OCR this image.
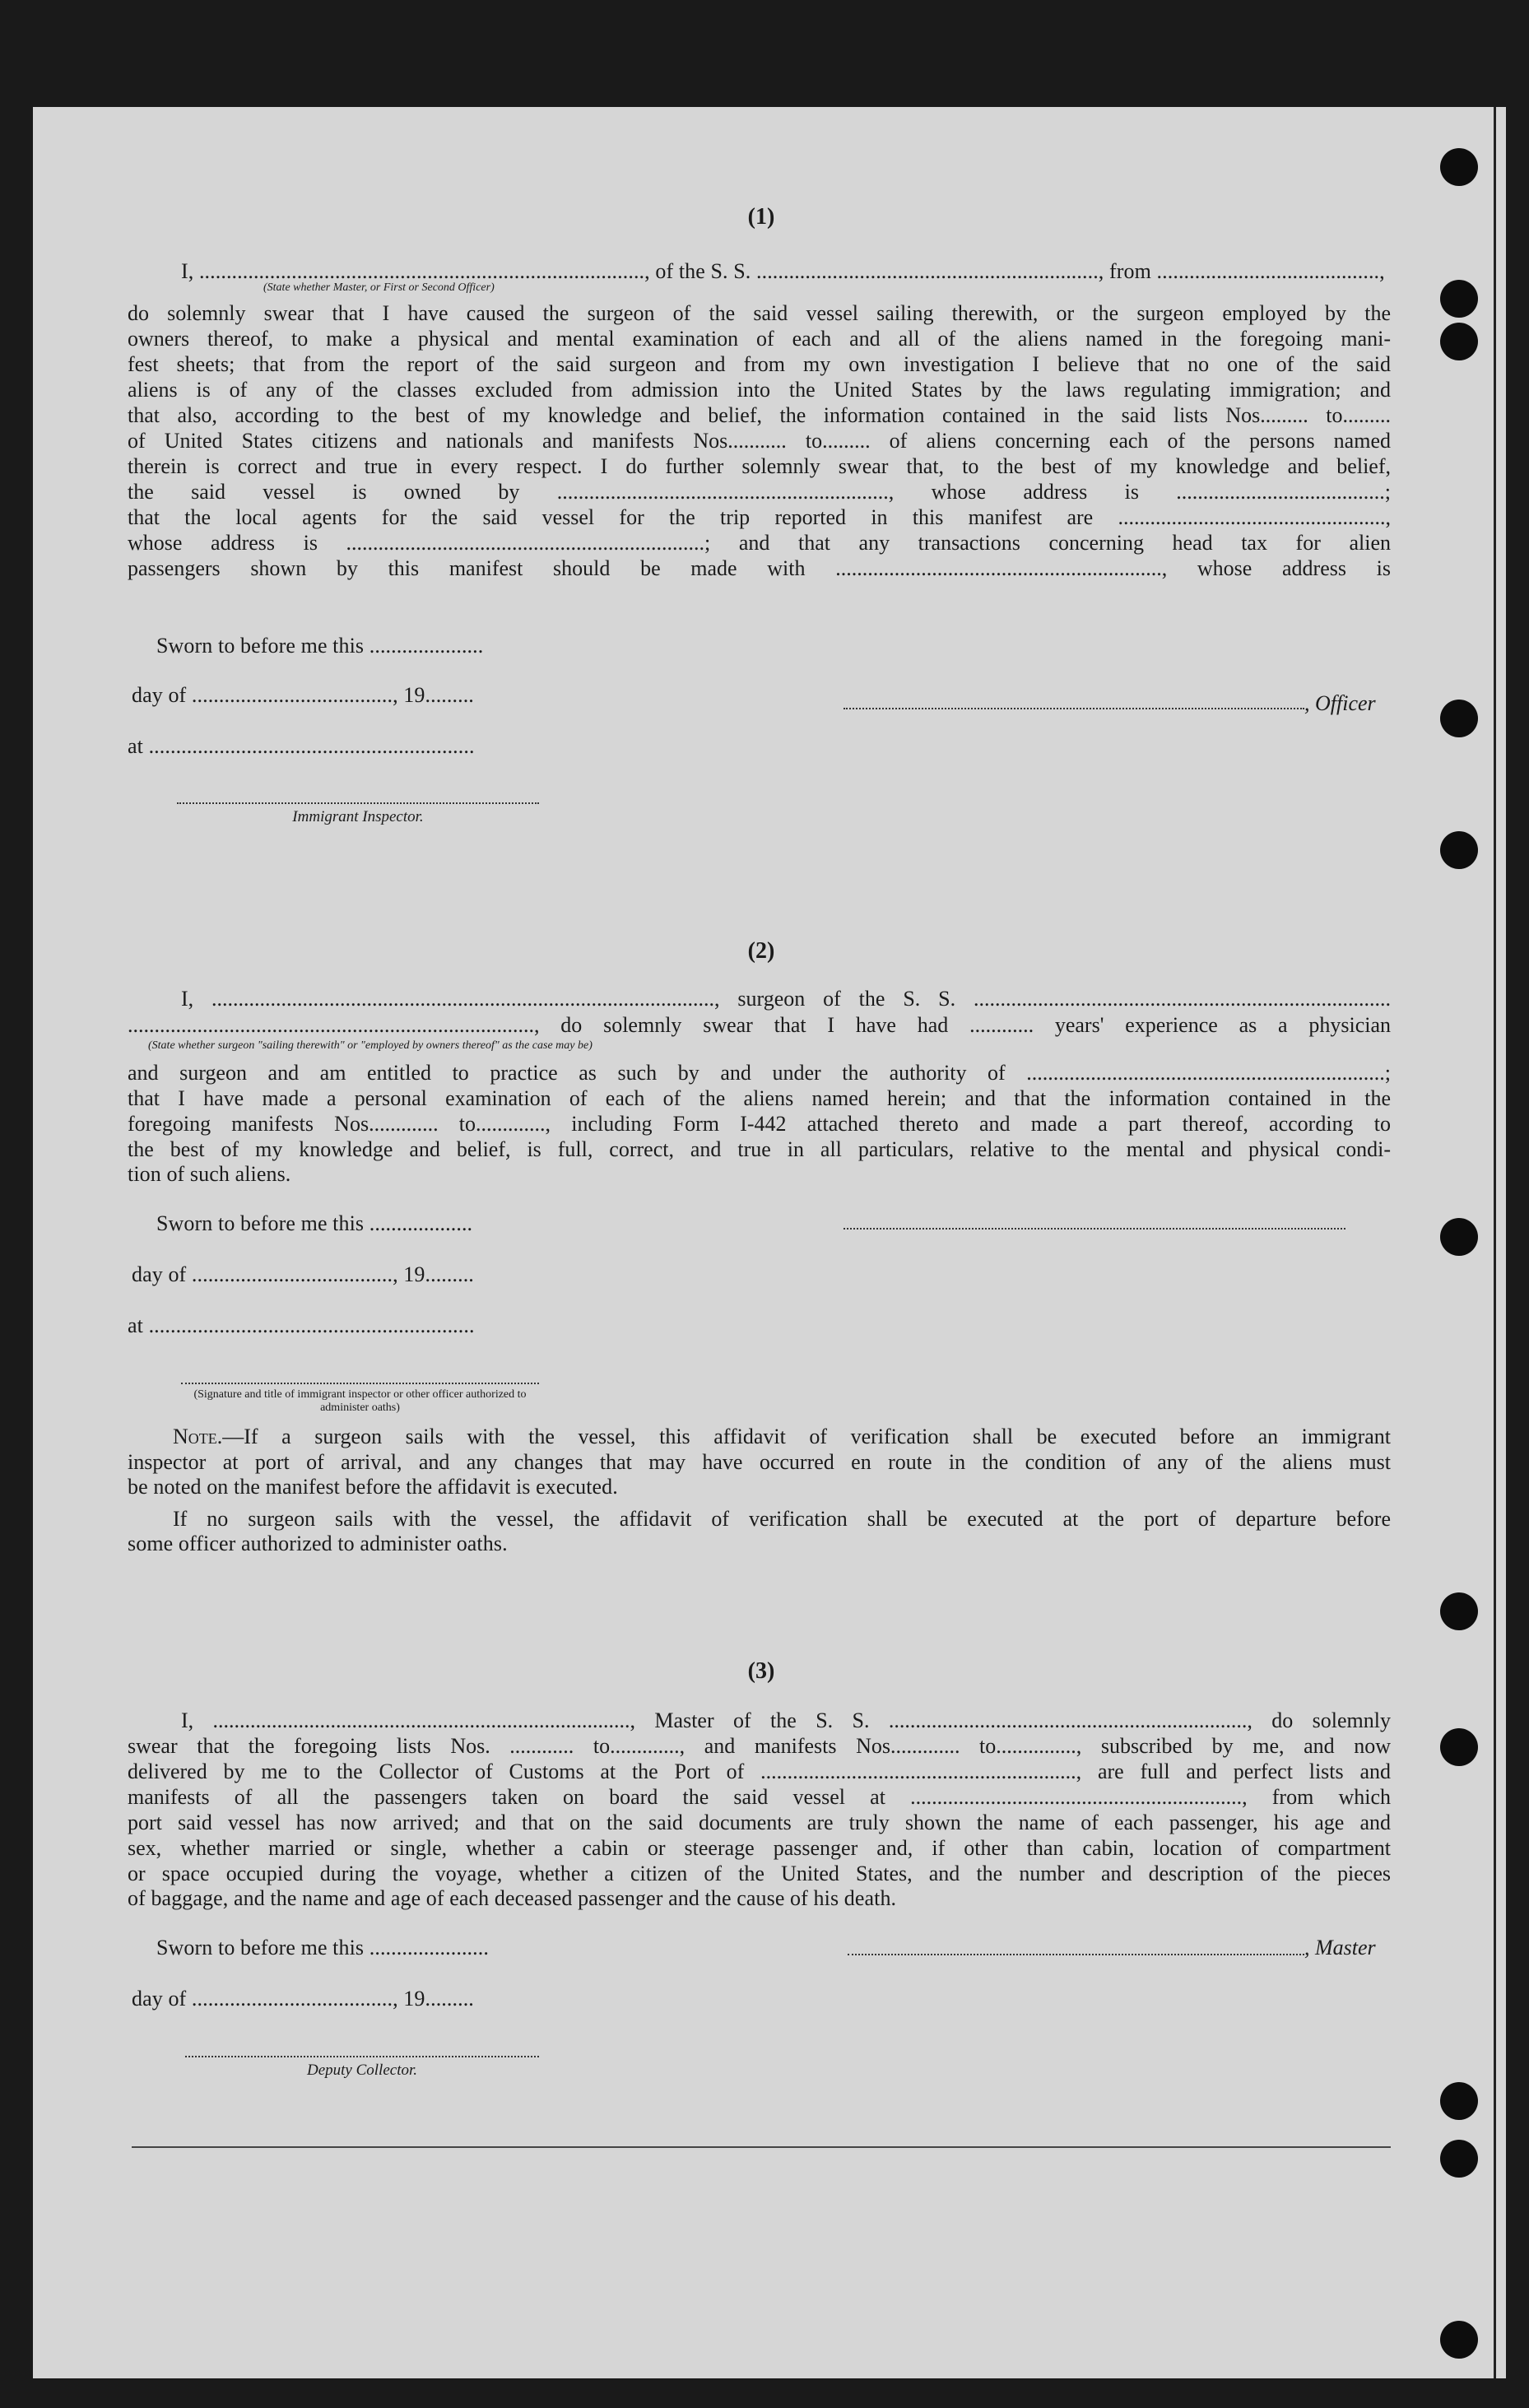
(1)
I, .................................................................................., of the S. S. ..............................................................., from .........................................,
(State whether Master, or First or Second Officer)
do solemnly swear that I have caused the surgeon of the said vessel sailing therewith, or the surgeon employed by the
owners thereof, to make a physical and mental examination of each and all of the aliens named in the foregoing mani-
fest sheets; that from the report of the said surgeon and from my own investigation I believe that no one of the said
aliens is of any of the classes excluded from admission into the United States by the laws regulating immigration; and
that also, according to the best of my knowledge and belief, the information contained in the said lists Nos......... to.........
of United States citizens and nationals and manifests Nos........... to......... of aliens concerning each of the persons named
therein is correct and true in every respect. I do further solemnly swear that, to the best of my knowledge and belief,
the said vessel is owned by .............................................................., whose address is .......................................;
that the local agents for the said vessel for the trip reported in this manifest are ..................................................,
whose address is ...................................................................; and that any transactions concerning head tax for alien
passengers shown by this manifest should be made with ............................................................., whose address is
Sworn to before me this .....................
day of ....................................., 19.........	, Officer
at ............................................................
Immigrant Inspector.
(2)
I, .............................................................................................., surgeon of the S. S. ..............................................................................
............................................................................, do solemnly swear that I have had ............ years' experience as a physician
(State whether surgeon "sailing therewith" or "employed by owners thereof" as the case may be)
and surgeon and am entitled to practice as such by and under the authority of ...................................................................;
that I have made a personal examination of each of the aliens named herein; and that the information contained in the
foregoing manifests Nos............. to............., including Form I-442 attached thereto and made a part thereof, according to
the best of my knowledge and belief, is full, correct, and true in all particulars, relative to the mental and physical condi-
tion of such aliens.
Sworn to before me this ...................
day of ....................................., 19.........
at ............................................................
(Signature and title of immigrant inspector or other officer authorized to administer oaths)
Note.—If a surgeon sails with the vessel, this affidavit of verification shall be executed before an immigrant
inspector at port of arrival, and any changes that may have occurred en route in the condition of any of the aliens must
be noted on the manifest before the affidavit is executed.
If no surgeon sails with the vessel, the affidavit of verification shall be executed at the port of departure before
some officer authorized to administer oaths.
(3)
I, .............................................................................., Master of the S. S. ..................................................................., do solemnly
swear that the foregoing lists Nos. ............ to............., and manifests Nos............. to..............., subscribed by me, and now
delivered by me to the Collector of Customs at the Port of ..........................................................., are full and perfect lists and
manifests of all the passengers taken on board the said vessel at .............................................................., from which
port said vessel has now arrived; and that on the said documents are truly shown the name of each passenger, his age and
sex, whether married or single, whether a cabin or steerage passenger and, if other than cabin, location of compartment
or space occupied during the voyage, whether a citizen of the United States, and the number and description of the pieces
of baggage, and the name and age of each deceased passenger and the cause of his death.
Sworn to before me this ......................	, Master
day of ....................................., 19.........
Deputy Collector.
